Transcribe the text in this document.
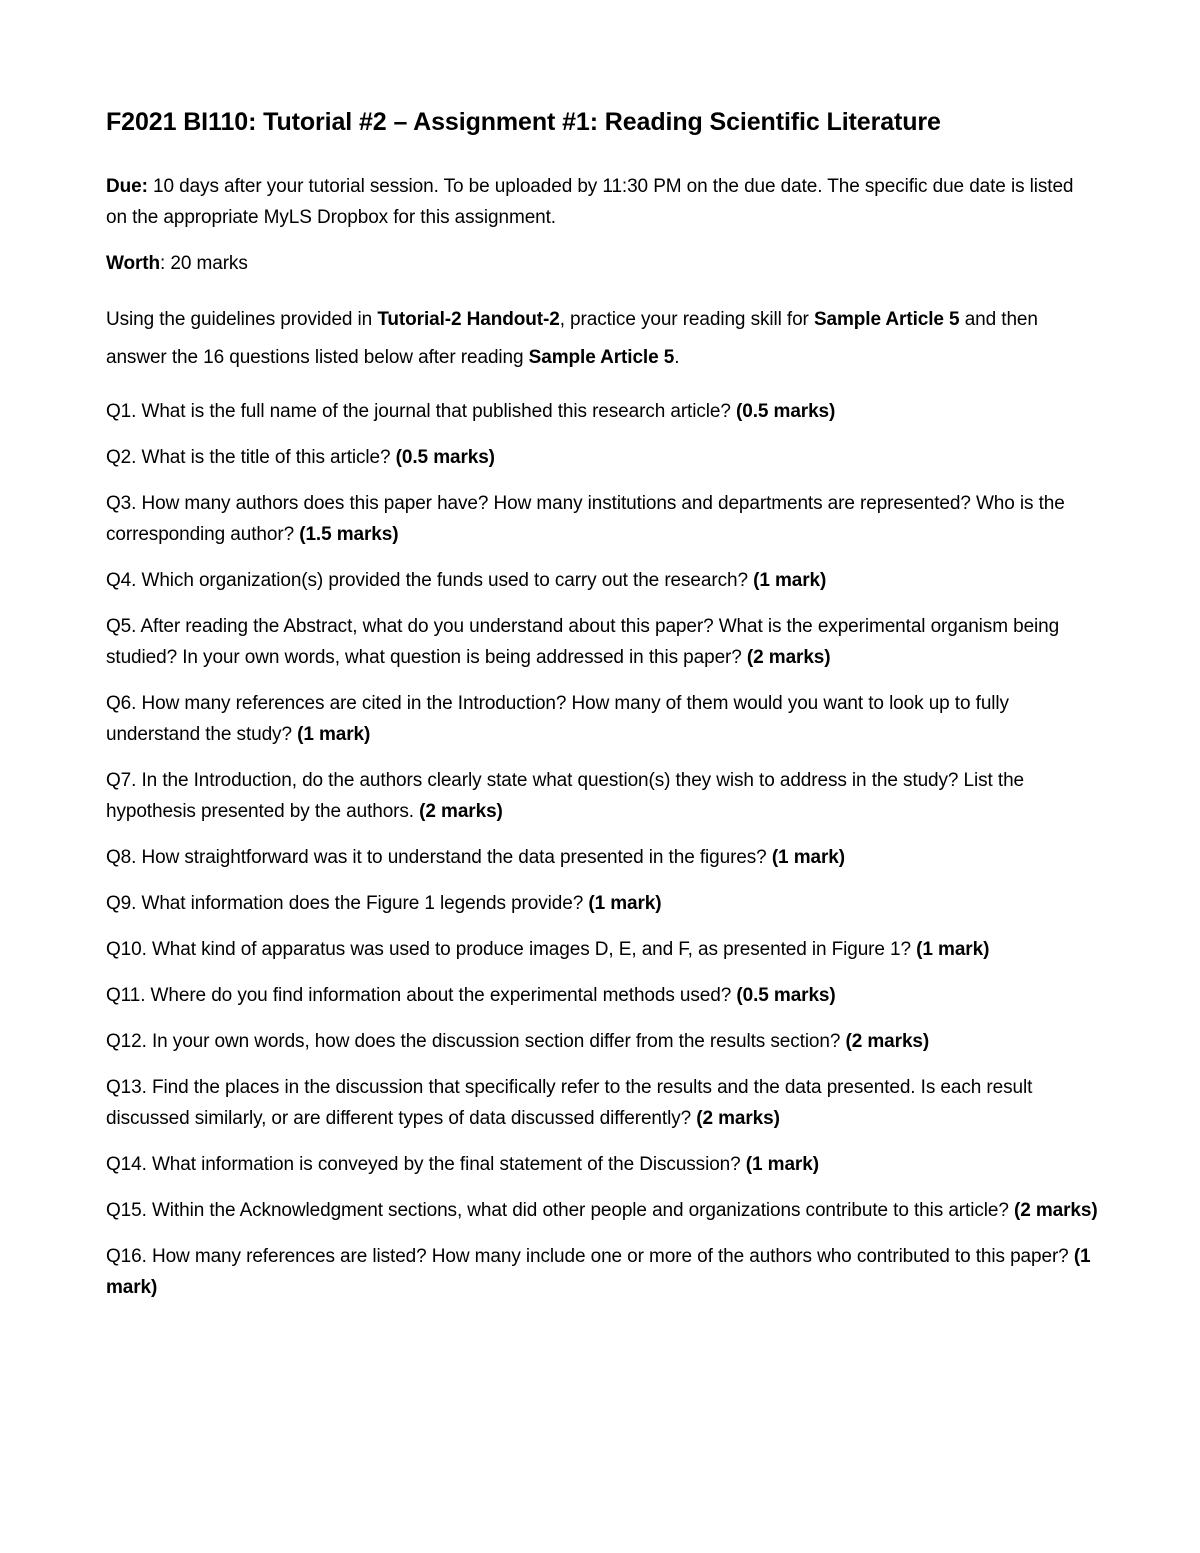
F2021 BI110: Tutorial #2 – Assignment #1: Reading Scientific Literature

Due: 10 days after your tutorial session. To be uploaded by 11:30 PM on the due date. The specific due date is listed on the appropriate MyLS Dropbox for this assignment.

Worth: 20 marks

Using the guidelines provided in Tutorial-2 Handout-2, practice your reading skill for Sample Article 5 and then answer the 16 questions listed below after reading Sample Article 5.

Q1. What is the full name of the journal that published this research article? (0.5 marks)

Q2. What is the title of this article? (0.5 marks)

Q3. How many authors does this paper have? How many institutions and departments are represented? Who is the corresponding author? (1.5 marks)

Q4. Which organization(s) provided the funds used to carry out the research? (1 mark)

Q5. After reading the Abstract, what do you understand about this paper? What is the experimental organism being studied? In your own words, what question is being addressed in this paper? (2 marks)

Q6. How many references are cited in the Introduction? How many of them would you want to look up to fully understand the study? (1 mark)

Q7. In the Introduction, do the authors clearly state what question(s) they wish to address in the study? List the hypothesis presented by the authors. (2 marks)

Q8. How straightforward was it to understand the data presented in the figures? (1 mark)

Q9. What information does the Figure 1 legends provide? (1 mark)

Q10. What kind of apparatus was used to produce images D, E, and F, as presented in Figure 1? (1 mark)

Q11. Where do you find information about the experimental methods used? (0.5 marks)

Q12. In your own words, how does the discussion section differ from the results section? (2 marks)

Q13. Find the places in the discussion that specifically refer to the results and the data presented. Is each result discussed similarly, or are different types of data discussed differently? (2 marks)

Q14. What information is conveyed by the final statement of the Discussion? (1 mark)

Q15. Within the Acknowledgment sections, what did other people and organizations contribute to this article? (2 marks)

Q16. How many references are listed? How many include one or more of the authors who contributed to this paper? (1 mark)
